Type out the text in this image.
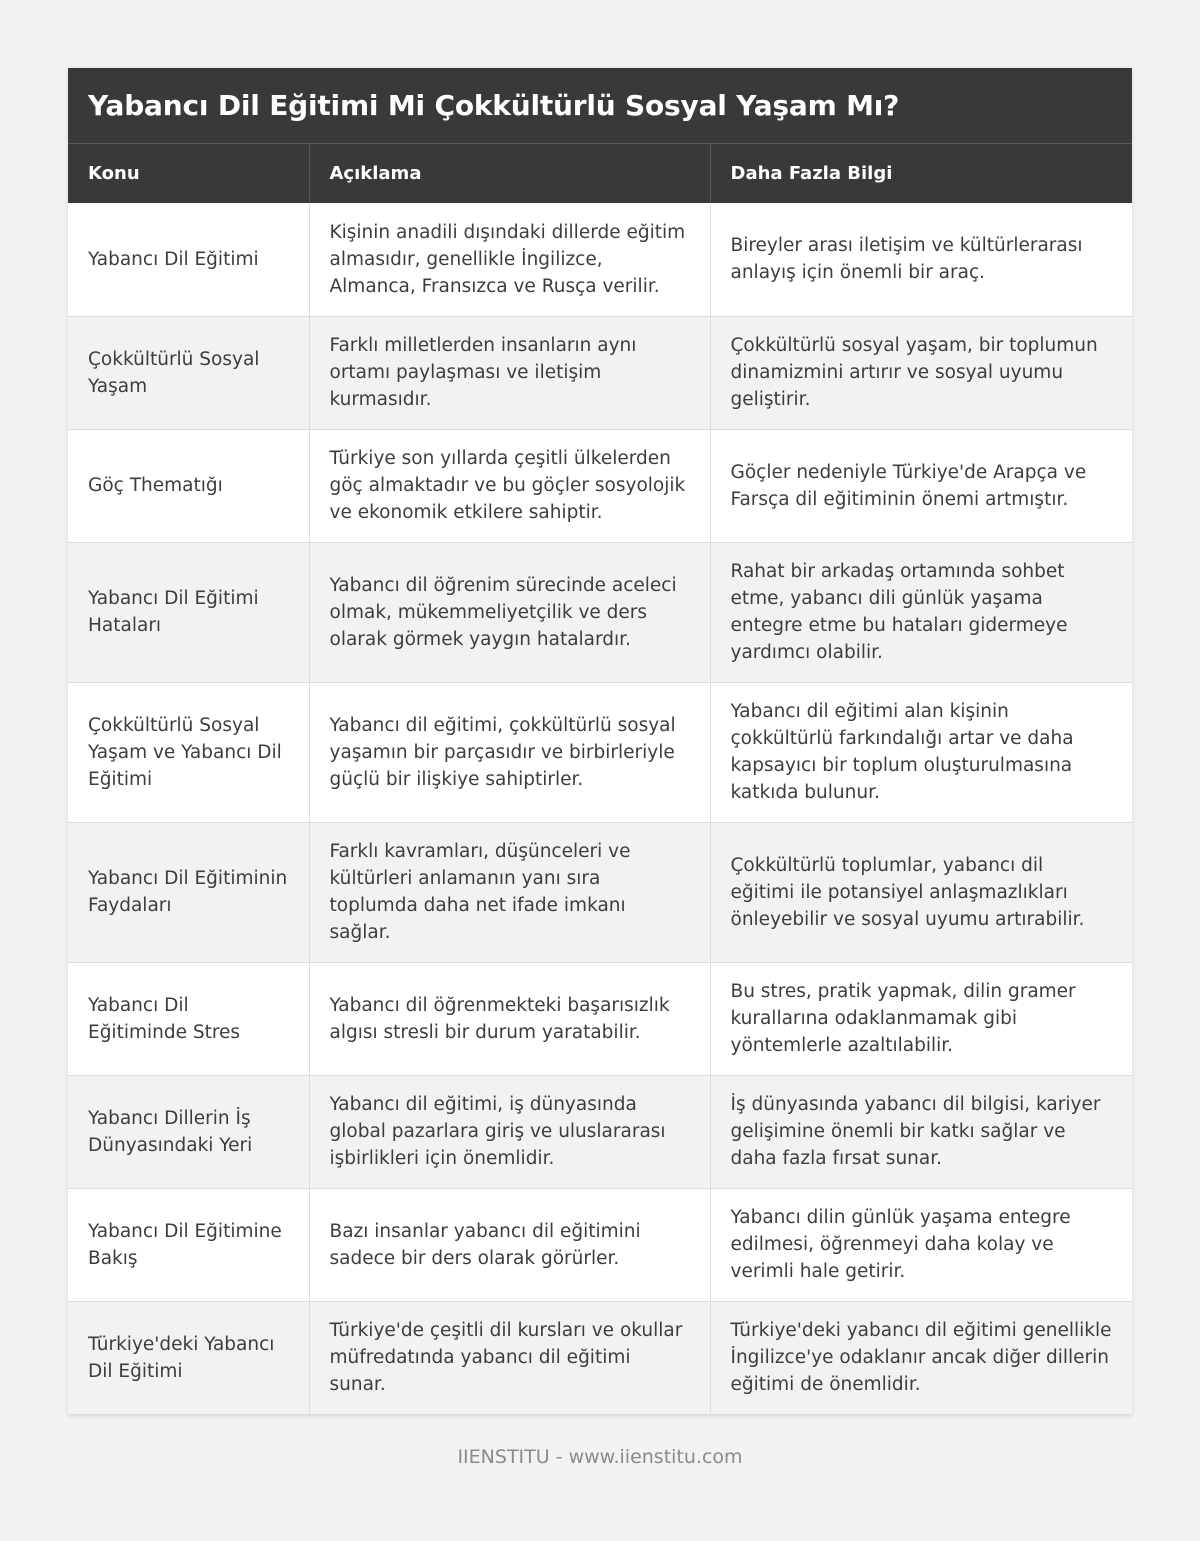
Yabancı Dil Eğitimi Mi Çokkültürlü Sosyal Yaşam Mı?
Konu	Açıklama	Daha Fazla Bilgi
Yabancı Dil Eğitimi	Kişinin anadili dışındaki dillerde eğitim almasıdır, genellikle İngilizce, Almanca, Fransızca ve Rusça verilir.	Bireyler arası iletişim ve kültürlerarası anlayış için önemli bir araç.
Çokkültürlü Sosyal Yaşam	Farklı milletlerden insanların aynı ortamı paylaşması ve iletişim kurmasıdır.	Çokkültürlü sosyal yaşam, bir toplumun dinamizmini artırır ve sosyal uyumu geliştirir.
Göç Thematığı	Türkiye son yıllarda çeşitli ülkelerden göç almaktadır ve bu göçler sosyolojik ve ekonomik etkilere sahiptir.	Göçler nedeniyle Türkiye'de Arapça ve Farsça dil eğitiminin önemi artmıştır.
Yabancı Dil Eğitimi Hataları	Yabancı dil öğrenim sürecinde aceleci olmak, mükemmeliyetçilik ve ders olarak görmek yaygın hatalardır.	Rahat bir arkadaş ortamında sohbet etme, yabancı dili günlük yaşama entegre etme bu hataları gidermeye yardımcı olabilir.
Çokkültürlü Sosyal Yaşam ve Yabancı Dil Eğitimi	Yabancı dil eğitimi, çokkültürlü sosyal yaşamın bir parçasıdır ve birbirleriyle güçlü bir ilişkiye sahiptirler.	Yabancı dil eğitimi alan kişinin çokkültürlü farkındalığı artar ve daha kapsayıcı bir toplum oluşturulmasına katkıda bulunur.
Yabancı Dil Eğitiminin Faydaları	Farklı kavramları, düşünceleri ve kültürleri anlamanın yanı sıra toplumda daha net ifade imkanı sağlar.	Çokkültürlü toplumlar, yabancı dil eğitimi ile potansiyel anlaşmazlıkları önleyebilir ve sosyal uyumu artırabilir.
Yabancı Dil Eğitiminde Stres	Yabancı dil öğrenmekteki başarısızlık algısı stresli bir durum yaratabilir.	Bu stres, pratik yapmak, dilin gramer kurallarına odaklanmamak gibi yöntemlerle azaltılabilir.
Yabancı Dillerin İş Dünyasındaki Yeri	Yabancı dil eğitimi, iş dünyasında global pazarlara giriş ve uluslararası işbirlikleri için önemlidir.	İş dünyasında yabancı dil bilgisi, kariyer gelişimine önemli bir katkı sağlar ve daha fazla fırsat sunar.
Yabancı Dil Eğitimine Bakış	Bazı insanlar yabancı dil eğitimini sadece bir ders olarak görürler.	Yabancı dilin günlük yaşama entegre edilmesi, öğrenmeyi daha kolay ve verimli hale getirir.
Türkiye'deki Yabancı Dil Eğitimi	Türkiye'de çeşitli dil kursları ve okullar müfredatında yabancı dil eğitimi sunar.	Türkiye'deki yabancı dil eğitimi genellikle İngilizce'ye odaklanır ancak diğer dillerin eğitimi de önemlidir.
IIENSTITU - www.iienstitu.com
